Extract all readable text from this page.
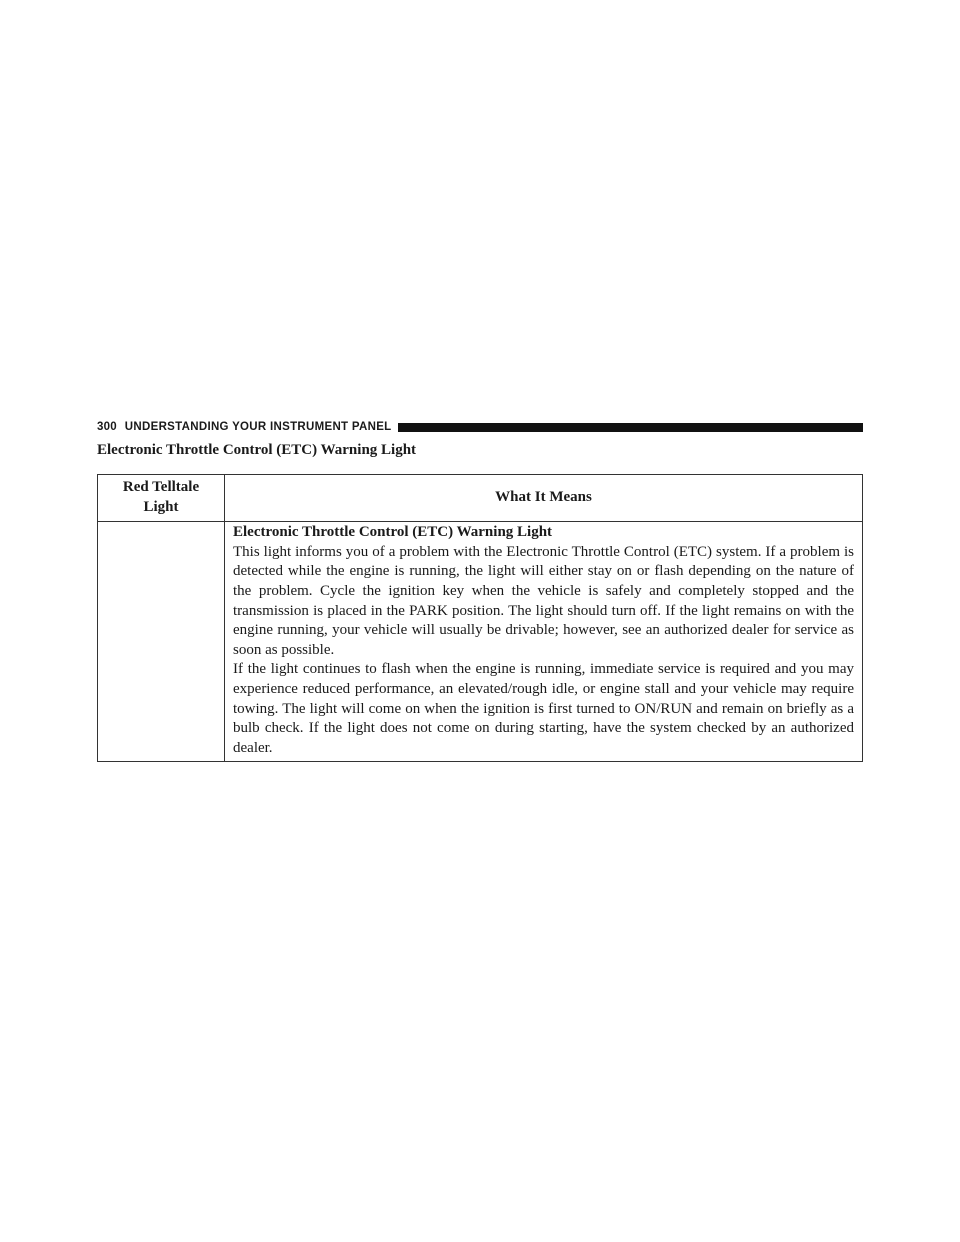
300 UNDERSTANDING YOUR INSTRUMENT PANEL
Electronic Throttle Control (ETC) Warning Light
Red Telltale Light	What It Means

	Electronic Throttle Control (ETC) Warning Light
This light informs you of a problem with the Electronic Throttle Control (ETC) system. If a problem is detected while the engine is running, the light will either stay on or flash depending on the nature of the problem. Cycle the ignition key when the vehicle is safely and completely stopped and the transmission is placed in the PARK position. The light should turn off. If the light remains on with the engine running, your vehicle will usually be drivable; however, see an authorized dealer for service as soon as possible.
If the light continues to flash when the engine is running, immediate service is required and you may experience reduced performance, an elevated/rough idle, or engine stall and your vehicle may require towing. The light will come on when the ignition is first turned to ON/RUN and remain on briefly as a bulb check. If the light does not come on during starting, have the system checked by an authorized dealer.
